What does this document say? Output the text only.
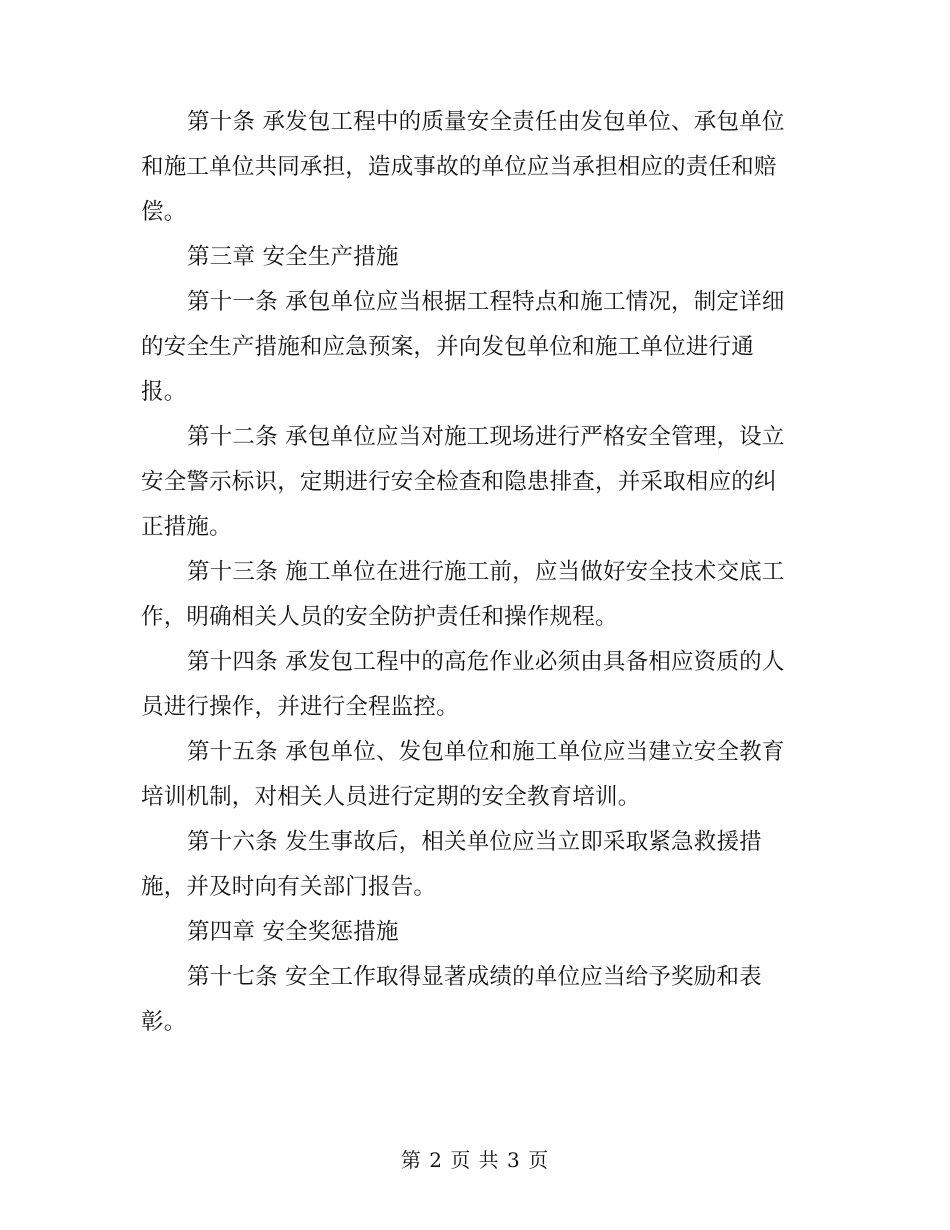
第十条 承发包工程中的质量安全责任由发包单位、承包单位
和施工单位共同承担，造成事故的单位应当承担相应的责任和赔
偿。
第三章 安全生产措施
第十一条 承包单位应当根据工程特点和施工情况，制定详细
的安全生产措施和应急预案，并向发包单位和施工单位进行通
报。
第十二条 承包单位应当对施工现场进行严格安全管理，设立
安全警示标识，定期进行安全检查和隐患排查，并采取相应的纠
正措施。
第十三条 施工单位在进行施工前，应当做好安全技术交底工
作，明确相关人员的安全防护责任和操作规程。
第十四条 承发包工程中的高危作业必须由具备相应资质的人
员进行操作，并进行全程监控。
第十五条 承包单位、发包单位和施工单位应当建立安全教育
培训机制，对相关人员进行定期的安全教育培训。
第十六条 发生事故后，相关单位应当立即采取紧急救援措
施，并及时向有关部门报告。
第四章 安全奖惩措施
第十七条 安全工作取得显著成绩的单位应当给予奖励和表
彰。
第 2 页 共 3 页
